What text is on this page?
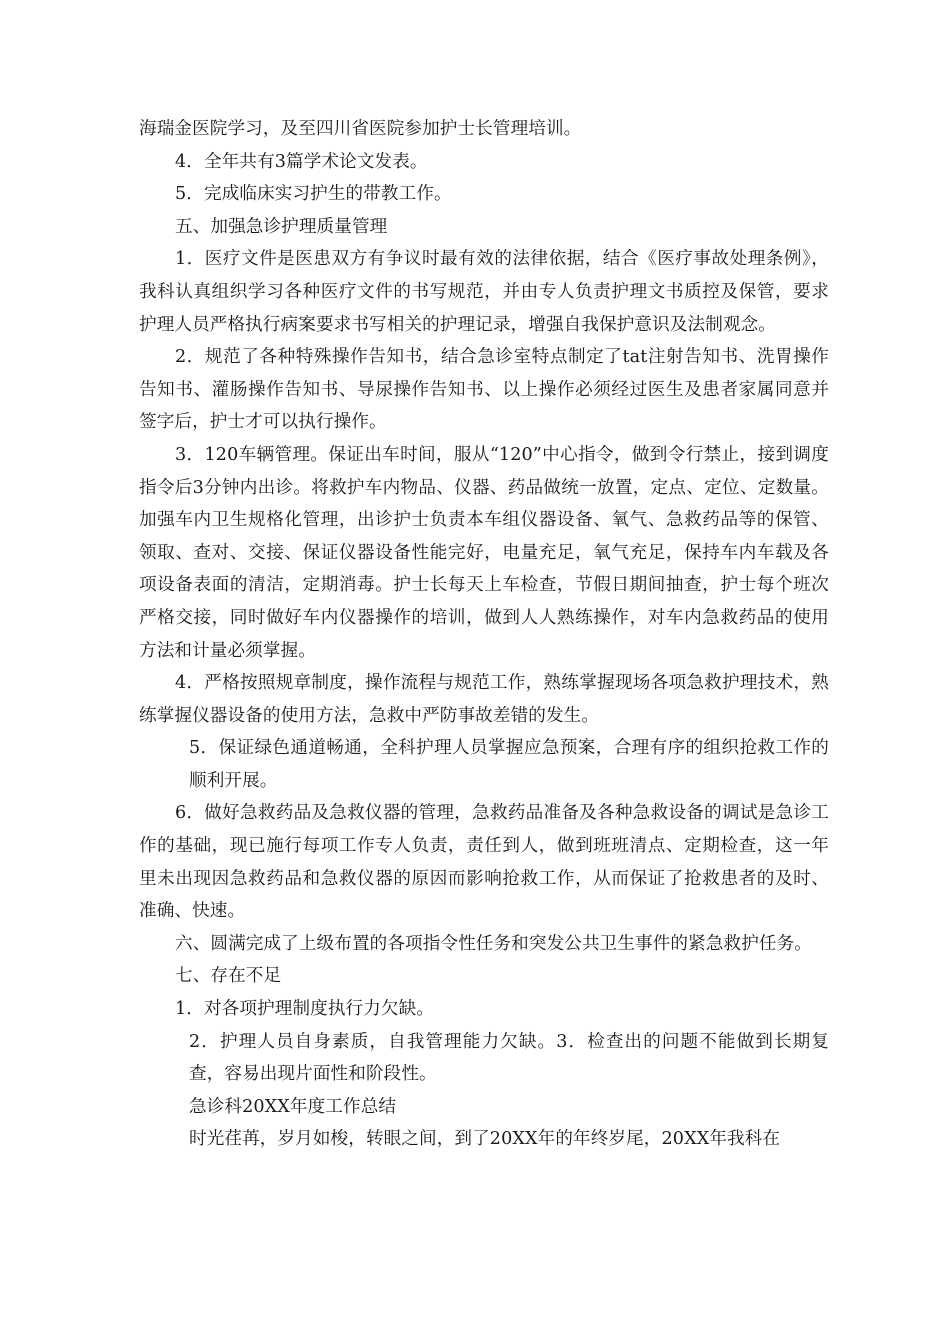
海瑞金医院学习，及至四川省医院参加护士长管理培训。

4．全年共有3篇学术论文发表。

5．完成临床实习护生的带教工作。

五、加强急诊护理质量管理

1．医疗文件是医患双方有争议时最有效的法律依据，结合《医疗事故处理条例》，我科认真组织学习各种医疗文件的书写规范，并由专人负责护理文书质控及保管，要求护理人员严格执行病案要求书写相关的护理记录，增强自我保护意识及法制观念。

2．规范了各种特殊操作告知书，结合急诊室特点制定了tat注射告知书、洗胃操作告知书、灌肠操作告知书、导尿操作告知书、以上操作必须经过医生及患者家属同意并签字后，护士才可以执行操作。

3．120车辆管理。保证出车时间，服从“120”中心指令，做到令行禁止，接到调度指令后3分钟内出诊。将救护车内物品、仪器、药品做统一放置，定点、定位、定数量。加强车内卫生规格化管理，出诊护士负责本车组仪器设备、氧气、急救药品等的保管、领取、查对、交接、保证仪器设备性能完好，电量充足，氧气充足，保持车内车载及各项设备表面的清洁，定期消毒。护士长每天上车检查，节假日期间抽查，护士每个班次严格交接，同时做好车内仪器操作的培训，做到人人熟练操作，对车内急救药品的使用方法和计量必须掌握。

4．严格按照规章制度，操作流程与规范工作，熟练掌握现场各项急救护理技术，熟练掌握仪器设备的使用方法，急救中严防事故差错的发生。

5．保证绿色通道畅通，全科护理人员掌握应急预案，合理有序的组织抢救工作的顺利开展。

6．做好急救药品及急救仪器的管理，急救药品准备及各种急救设备的调试是急诊工作的基础，现已施行每项工作专人负责，责任到人，做到班班清点、定期检查，这一年里未出现因急救药品和急救仪器的原因而影响抢救工作，从而保证了抢救患者的及时、准确、快速。

六、圆满完成了上级布置的各项指令性任务和突发公共卫生事件的紧急救护任务。

七、存在不足

1．对各项护理制度执行力欠缺。

2．护理人员自身素质，自我管理能力欠缺。3．检查出的问题不能做到长期复查，容易出现片面性和阶段性。

急诊科20XX年度工作总结

时光荏苒，岁月如梭，转眼之间，到了20XX年的年终岁尾，20XX年我科在
